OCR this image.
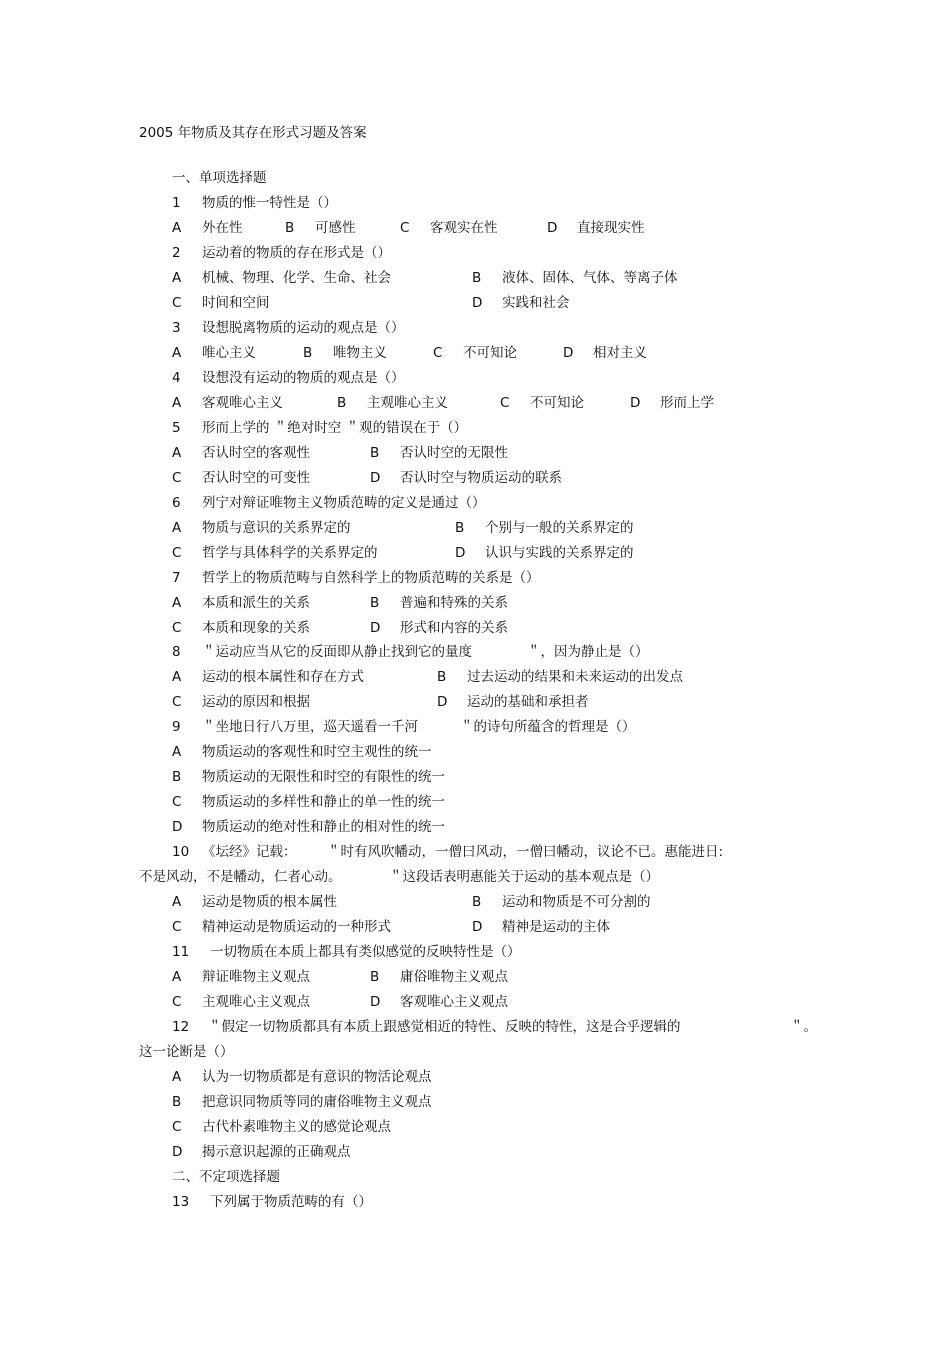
2005 年物质及其存在形式习题及答案
一、单项选择题
1 物质的惟一特性是（）
A 外在性	B 可感性	C 客观实在性	D 直接现实性
2 运动着的物质的存在形式是（）
A 机械、物理、化学、生命、社会	B 液体、固体、气体、等离子体
C 时间和空间	D 实践和社会
3 设想脱离物质的运动的观点是（）
A 唯心主义	B 唯物主义	C 不可知论	D 相对主义
4 设想没有运动的物质的观点是（）
A 客观唯心主义	B 主观唯心主义	C 不可知论	D 形而上学
5 形而上学的 ＂绝对时空 ＂观的错误在于（）
A 否认时空的客观性	B 否认时空的无限性
C 否认时空的可变性	D 否认时空与物质运动的联系
6 列宁对辩证唯物主义物质范畴的定义是通过（）
A 物质与意识的关系界定的	B 个别与一般的关系界定的
C 哲学与具体科学的关系界定的	D 认识与实践的关系界定的
7 哲学上的物质范畴与自然科学上的物质范畴的关系是（）
A 本质和派生的关系	B 普遍和特殊的关系
C 本质和现象的关系	D 形式和内容的关系
8 ＂运动应当从它的反面即从静止找到它的量度	＂，因为静止是（）
A 运动的根本属性和存在方式	B 过去运动的结果和未来运动的出发点
C 运动的原因和根据	D 运动的基础和承担者
9 ＂坐地日行八万里，巡天遥看一千河	＂的诗句所蕴含的哲理是（）
A 物质运动的客观性和时空主观性的统一
B 物质运动的无限性和时空的有限性的统一
C 物质运动的多样性和静止的单一性的统一
D 物质运动的绝对性和静止的相对性的统一
10 《坛经》记载： ＂时有风吹幡动，一僧曰风动，一僧曰幡动，议论不已。惠能进日:
不是风动，不是幡动，仁者心动。	＂这段话表明惠能关于运动的基本观点是（）
A 运动是物质的根本属性	B 运动和物质是不可分割的
C 精神运动是物质运动的一种形式	D 精神是运动的主体
11 一切物质在本质上都具有类似感觉的反映特性是（）
A 辩证唯物主义观点	B 庸俗唯物主义观点
C 主观唯心主义观点	D 客观唯心主义观点
12 ＂假定一切物质都具有本质上跟感觉相近的特性、反映的特性，这是合乎逻辑的	＂。
这一论断是（）
A 认为一切物质都是有意识的物活论观点
B 把意识同物质等同的庸俗唯物主义观点
C 古代朴素唯物主义的感觉论观点
D 揭示意识起源的正确观点
二、不定项选择题
13 下列属于物质范畴的有（）
